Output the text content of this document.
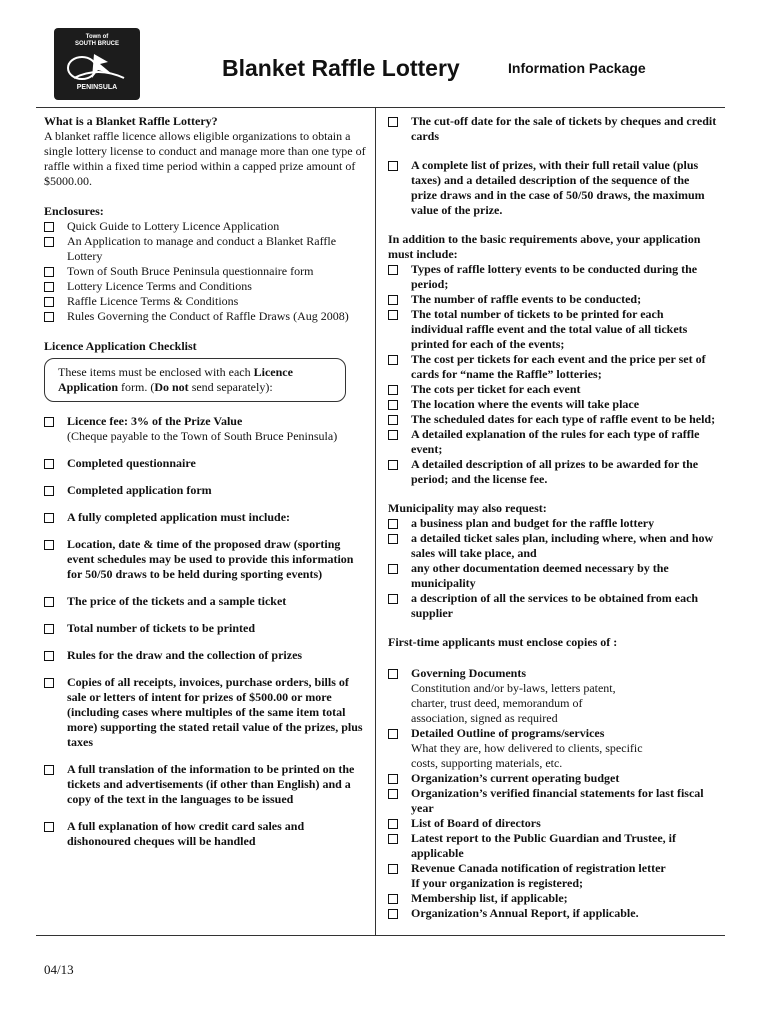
Town of
SOUTH BRUCE
PENINSULA
Blanket Raffle Lottery	Information Package

What is a Blanket Raffle Lottery?

A blanket raffle licence allows eligible organizations to obtain a single lottery license to conduct and manage more than one type of raffle within a fixed time period within a capped prize amount of $5000.00.

Enclosures:

Quick Guide to Lottery Licence Application

An Application to manage and conduct a Blanket Raffle Lottery

Town of South Bruce Peninsula questionnaire form

Lottery Licence Terms and Conditions

Raffle Licence Terms & Conditions

Rules Governing the Conduct of Raffle Draws (Aug 2008)

Licence Application Checklist

These items must be enclosed with each Licence Application form. (Do not send separately):

Licence fee: 3% of the Prize Value

(Cheque payable to the Town of South Bruce Peninsula)

Completed questionnaire

Completed application form

A fully completed application must include:

Location, date & time of the proposed draw (sporting event schedules may be used to provide this information for 50/50 draws to be held during sporting events)

The price of the tickets and a sample ticket

Total number of tickets to be printed

Rules for the draw and the collection of prizes

Copies of all receipts, invoices, purchase orders, bills of sale or letters of intent for prizes of $500.00 or more (including cases where multiples of the same item total more) supporting the stated retail value of the prizes, plus taxes

A full translation of the information to be printed on the tickets and advertisements (if other than English) and a copy of the text in the languages to be issued

A full explanation of how credit card sales and dishonoured cheques will be handled

The cut-off date for the sale of tickets by cheques and credit cards

A complete list of prizes, with their full retail value (plus taxes) and a detailed description of the sequence of the prize draws and in the case of 50/50 draws, the maximum value of the prize.

In addition to the basic requirements above, your application must include:

Types of raffle lottery events to be conducted during the period;

The number of raffle events to be conducted;

The total number of tickets to be printed for each individual raffle event and the total value of all tickets printed for each of the events;

The cost per tickets for each event and the price per set of cards for “name the Raffle” lotteries;

The cots per ticket for each event

The location where the events will take place

The scheduled dates for each type of raffle event to be held;

A detailed explanation of the rules for each type of raffle event;

A detailed description of all prizes to be awarded for the period; and the license fee.

Municipality may also request:

a business plan and budget for the raffle lottery

a detailed ticket sales plan, including where, when and how sales will take place, and

any other documentation deemed necessary by the municipality

a description of all the services to be obtained from each supplier

First-time applicants must enclose copies of :

Governing Documents

Constitution and/or by-laws, letters patent, charter, trust deed, memorandum of association, signed as required

Detailed Outline of programs/services

What they are, how delivered to clients, specific costs, supporting materials, etc.

Organization’s current operating budget

Organization’s verified financial statements for last fiscal year

List of Board of directors

Latest report to the Public Guardian and Trustee, if applicable

Revenue Canada notification of registration letter

If your organization is registered;

Membership list, if applicable;

Organization’s Annual Report, if applicable.

04/13
